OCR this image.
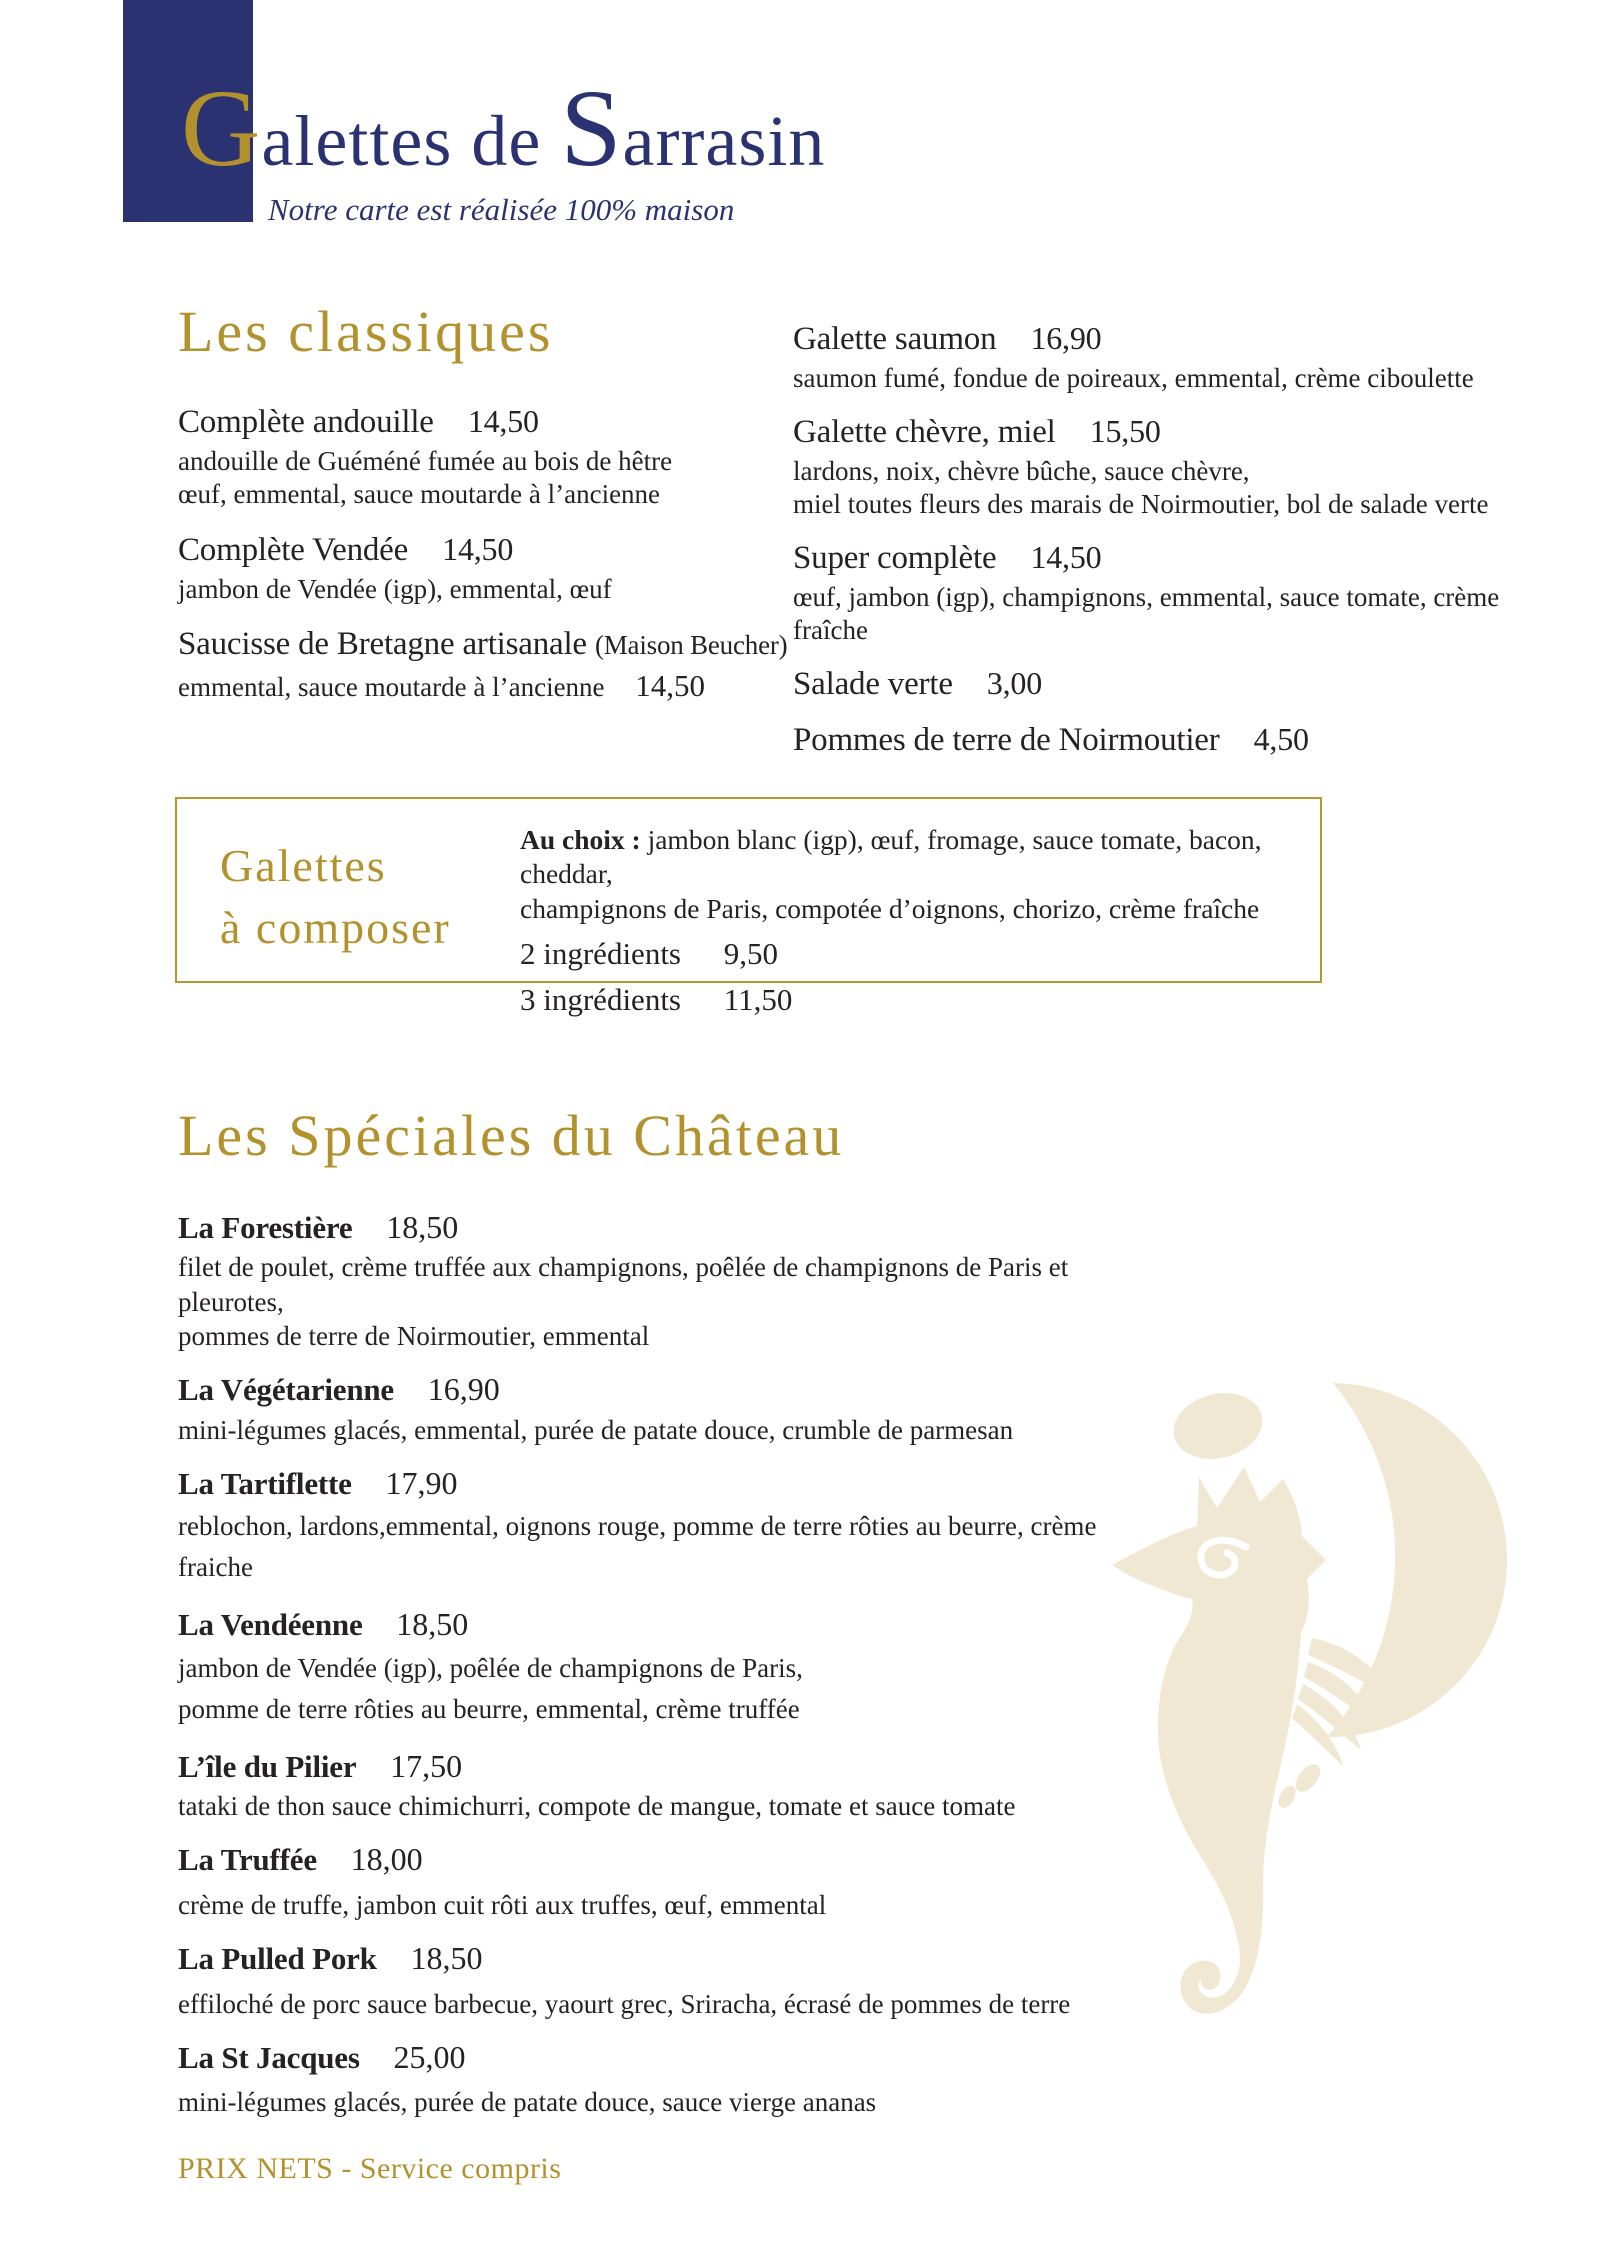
Galettes de Sarrasin
Notre carte est réalisée 100% maison
Les classiques
Complète andouille 14,50
andouille de Guéméné fumée au bois de hêtre
œuf, emmental, sauce moutarde à l’ancienne
Complète Vendée 14,50
jambon de Vendée (igp), emmental, œuf
Saucisse de Bretagne artisanale (Maison Beucher)
emmental, sauce moutarde à l’ancienne 14,50
Galette saumon 16,90
saumon fumé, fondue de poireaux, emmental, crème ciboulette
Galette chèvre, miel 15,50
lardons, noix, chèvre bûche, sauce chèvre,
miel toutes fleurs des marais de Noirmoutier, bol de salade verte
Super complète 14,50
œuf, jambon (igp), champignons, emmental, sauce tomate, crème fraîche
Salade verte 3,00
Pommes de terre de Noirmoutier 4,50
Galettes
à composer
Au choix : jambon blanc (igp), œuf, fromage, sauce tomate, bacon, cheddar,
champignons de Paris, compotée d’oignons, chorizo, crème fraîche
2 ingrédients 9,50
3 ingrédients 11,50
Les Spéciales du Château
La Forestière 18,50
filet de poulet, crème truffée aux champignons, poêlée de champignons de Paris et pleurotes,
pommes de terre de Noirmoutier, emmental
La Végétarienne 16,90
mini-légumes glacés, emmental, purée de patate douce, crumble de parmesan
La Tartiflette 17,90
reblochon, lardons,emmental, oignons rouge, pomme de terre rôties au beurre, crème
fraiche
La Vendéenne 18,50
jambon de Vendée (igp), poêlée de champignons de Paris,
pomme de terre rôties au beurre, emmental, crème truffée
L’île du Pilier 17,50
tataki de thon sauce chimichurri, compote de mangue, tomate et sauce tomate
La Truffée 18,00
crème de truffe, jambon cuit rôti aux truffes, œuf, emmental
La Pulled Pork 18,50
effiloché de porc sauce barbecue, yaourt grec, Sriracha, écrasé de pommes de terre
La St Jacques 25,00
mini-légumes glacés, purée de patate douce, sauce vierge ananas
PRIX NETS - Service compris
